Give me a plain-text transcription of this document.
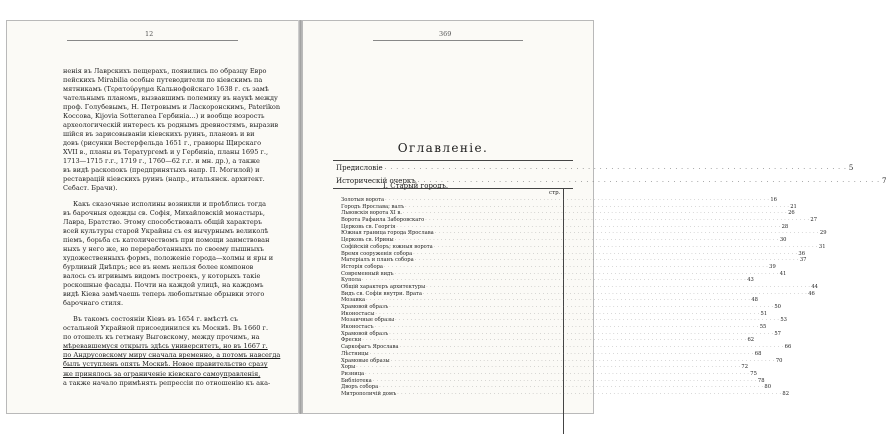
12
ненія въ Лаврскихъ пещерахъ, появились по образцу Евро
пейскихъ Mirabilia особые путеводители по кіевскимъ па
мятникамъ (Τερατούργημα Кальнофойскаго 1638 г. съ замѣ
чательнымъ планомъ, вызвавшимъ полемику въ наукѣ между
проф. Голубевымъ, Н. Петровымъ и Ласкоронскимъ, Paterikon
Коссова, Kijovia Sotteranea Гербиніа...) и вообще возрость
археологическій интересъ къ роднымъ древностямъ, выразив
шійся въ зарисовываніи кіевскихъ руинъ, плановъ и ви
довъ (рисунки Вестерфельда 1651 г., гравюры Щирскаго
XVII в., планы въ Тератургемѣ и у Гербиніа, планы 1695 г.,
1713—1715 г.г., 1719 г., 1760—62 г.г. и мн. др.), а также
въ видѣ раскопокъ (предпринятыхъ напр. П. Могилой) и
реставрацій кіевскихъ руинъ (напр., итальянск. архитект.
Себаст. Брачи).
Какъ сказочные исполины возникли и проѣблись тогда
въ барочныя одежды св. Софія, Михайловскій монастырь,
Лавра, Братство. Этому способствовалъ общій характеръ
всей культуры старой Украйны съ ея вычурнымъ великолѣ
піемъ, борьба съ католичествомъ при помощи заимствован
ныхъ у него же, но переработанныхъ по своему пышныхъ
художественныхъ формъ, положеніе города—холмы и яры и
бурливый Днѣпръ; все въ немъ нельзя более компонов
валось съ игривымъ видомъ построекъ, у которыхъ такіе
роскошные фасады. Почти на каждой улицѣ, на каждомъ
видѣ Кіева замѣчаешь теперь любопытные обрывки этого
барочнаго стиля.
Въ такомъ состояніи Кіевъ въ 1654 г. вмѣстѣ съ
остальной Украйной присоединился къ Москвѣ. Въ 1660 г.
по отошелъ къ гетману Выговскому, между прочимъ, на
мѣревавшемуся открыть здѣсь университетъ, но въ 1667 г.
по Андрусовскому миру сначала временно, а потомъ навсегда
былъ уступленъ опять Москвѣ. Новое правительство сразу
же принялось за ограниченіе кіевскаго самоуправленія,
а также начало примѣнять репрессіи по отношенію къ ака-
369
Оглавленіе.
Предисловіе . . . . . . . . . . . . . . . . . . . . . . . . . . . . . . . . . . . . . . . . . . . . . . . . . . . . . . . . . . . . . . . . . . . . . . . . . . . . . . . . 5
Историческій очеркъ . . . . . . . . . . . . . . . . . . . . . . . . . . . . . . . . . . . . . . . . . . . . . . . . . . . . . . . . . . . . . . . . . . . . . . . . . . . . . . . . 7
I. Старый городъ.
стр.
Золотыя ворота . . . . . . . . . . . . . . . . . . . . . . . . . . . . . . . . . . . . . . . . . . . . . . . . . . . . . . . . . . . . . . . . . . . . . . . . . . . . . . . . . . . . . . . . . . . . . . . . . . . . 16
Городъ Ярослава; валъ . . . . . . . . . . . . . . . . . . . . . . . . . . . . . . . . . . . . . . . . . . . . . . . . . . . . . . . . . . . . . . . . . . . . . . . . . . . . . . . . . . . . . . . . . . . . . . . . . . . . 21
Львовскія ворота XI в. . . . . . . . . . . . . . . . . . . . . . . . . . . . . . . . . . . . . . . . . . . . . . . . . . . . . . . . . . . . . . . . . . . . . . . . . . . . . . . . . . . . . . . . . . . . . . . . . . . . . 26
Ворота Рафаила Заборовскаго . . . . . . . . . . . . . . . . . . . . . . . . . . . . . . . . . . . . . . . . . . . . . . . . . . . . . . . . . . . . . . . . . . . . . . . . . . . . . . . . . . . . . . . . . . . . . . . . . . . . 27
Церковь св. Георгія . . . . . . . . . . . . . . . . . . . . . . . . . . . . . . . . . . . . . . . . . . . . . . . . . . . . . . . . . . . . . . . . . . . . . . . . . . . . . . . . . . . . . . . . . . . . . . . . . . . . 28
Южная граница города Ярослава . . . . . . . . . . . . . . . . . . . . . . . . . . . . . . . . . . . . . . . . . . . . . . . . . . . . . . . . . . . . . . . . . . . . . . . . . . . . . . . . . . . . . . . . . . . . . . . . . . . . 29
Церковь св. Ирины . . . . . . . . . . . . . . . . . . . . . . . . . . . . . . . . . . . . . . . . . . . . . . . . . . . . . . . . . . . . . . . . . . . . . . . . . . . . . . . . . . . . . . . . . . . . . . . . . . . . 30
Софійскій соборъ; южныя ворота . . . . . . . . . . . . . . . . . . . . . . . . . . . . . . . . . . . . . . . . . . . . . . . . . . . . . . . . . . . . . . . . . . . . . . . . . . . . . . . . . . . . . . . . . . . . . . . . . . . . 31
Время сооруженія собора . . . . . . . . . . . . . . . . . . . . . . . . . . . . . . . . . . . . . . . . . . . . . . . . . . . . . . . . . . . . . . . . . . . . . . . . . . . . . . . . . . . . . . . . . . . . . . . . . . . . 36
Матеріалъ и планъ собора . . . . . . . . . . . . . . . . . . . . . . . . . . . . . . . . . . . . . . . . . . . . . . . . . . . . . . . . . . . . . . . . . . . . . . . . . . . . . . . . . . . . . . . . . . . . . . . . . . . . 37
Исторія собора . . . . . . . . . . . . . . . . . . . . . . . . . . . . . . . . . . . . . . . . . . . . . . . . . . . . . . . . . . . . . . . . . . . . . . . . . . . . . . . . . . . . . . . . . . . . . . . . . . . . 39
Современный видъ . . . . . . . . . . . . . . . . . . . . . . . . . . . . . . . . . . . . . . . . . . . . . . . . . . . . . . . . . . . . . . . . . . . . . . . . . . . . . . . . . . . . . . . . . . . . . . . . . . . . 41
Купола . . . . . . . . . . . . . . . . . . . . . . . . . . . . . . . . . . . . . . . . . . . . . . . . . . . . . . . . . . . . . . . . . . . . . . . . . . . . . . . . . . . . . . . . . . . . . . . . . . . . 43
Общій характеръ архитектуры . . . . . . . . . . . . . . . . . . . . . . . . . . . . . . . . . . . . . . . . . . . . . . . . . . . . . . . . . . . . . . . . . . . . . . . . . . . . . . . . . . . . . . . . . . . . . . . . . . . . 44
Видъ св. Софіи внутри. Врата . . . . . . . . . . . . . . . . . . . . . . . . . . . . . . . . . . . . . . . . . . . . . . . . . . . . . . . . . . . . . . . . . . . . . . . . . . . . . . . . . . . . . . . . . . . . . . . . . . . . 46
Мозаика . . . . . . . . . . . . . . . . . . . . . . . . . . . . . . . . . . . . . . . . . . . . . . . . . . . . . . . . . . . . . . . . . . . . . . . . . . . . . . . . . . . . . . . . . . . . . . . . . . . . 48
Храмовой образъ . . . . . . . . . . . . . . . . . . . . . . . . . . . . . . . . . . . . . . . . . . . . . . . . . . . . . . . . . . . . . . . . . . . . . . . . . . . . . . . . . . . . . . . . . . . . . . . . . . . . 50
Иконостасы . . . . . . . . . . . . . . . . . . . . . . . . . . . . . . . . . . . . . . . . . . . . . . . . . . . . . . . . . . . . . . . . . . . . . . . . . . . . . . . . . . . . . . . . . . . . . . . . . . . . 51
Мозаичные образы . . . . . . . . . . . . . . . . . . . . . . . . . . . . . . . . . . . . . . . . . . . . . . . . . . . . . . . . . . . . . . . . . . . . . . . . . . . . . . . . . . . . . . . . . . . . . . . . . . . . 53
Иконостасъ . . . . . . . . . . . . . . . . . . . . . . . . . . . . . . . . . . . . . . . . . . . . . . . . . . . . . . . . . . . . . . . . . . . . . . . . . . . . . . . . . . . . . . . . . . . . . . . . . . . . 55
Храмовой образъ . . . . . . . . . . . . . . . . . . . . . . . . . . . . . . . . . . . . . . . . . . . . . . . . . . . . . . . . . . . . . . . . . . . . . . . . . . . . . . . . . . . . . . . . . . . . . . . . . . . . 57
Фрески . . . . . . . . . . . . . . . . . . . . . . . . . . . . . . . . . . . . . . . . . . . . . . . . . . . . . . . . . . . . . . . . . . . . . . . . . . . . . . . . . . . . . . . . . . . . . . . . . . . . 62
Саркофагъ Ярослава . . . . . . . . . . . . . . . . . . . . . . . . . . . . . . . . . . . . . . . . . . . . . . . . . . . . . . . . . . . . . . . . . . . . . . . . . . . . . . . . . . . . . . . . . . . . . . . . . . . . 66
Лѣстницы . . . . . . . . . . . . . . . . . . . . . . . . . . . . . . . . . . . . . . . . . . . . . . . . . . . . . . . . . . . . . . . . . . . . . . . . . . . . . . . . . . . . . . . . . . . . . . . . . . . . 68
Храмовые образы . . . . . . . . . . . . . . . . . . . . . . . . . . . . . . . . . . . . . . . . . . . . . . . . . . . . . . . . . . . . . . . . . . . . . . . . . . . . . . . . . . . . . . . . . . . . . . . . . . . . 70
Хоры . . . . . . . . . . . . . . . . . . . . . . . . . . . . . . . . . . . . . . . . . . . . . . . . . . . . . . . . . . . . . . . . . . . . . . . . . . . . . . . . . . . . . . . . . . . . . . . . . . . . 72
Ризница . . . . . . . . . . . . . . . . . . . . . . . . . . . . . . . . . . . . . . . . . . . . . . . . . . . . . . . . . . . . . . . . . . . . . . . . . . . . . . . . . . . . . . . . . . . . . . . . . . . . 75
Библіотека . . . . . . . . . . . . . . . . . . . . . . . . . . . . . . . . . . . . . . . . . . . . . . . . . . . . . . . . . . . . . . . . . . . . . . . . . . . . . . . . . . . . . . . . . . . . . . . . . . . . 78
Дворъ собора . . . . . . . . . . . . . . . . . . . . . . . . . . . . . . . . . . . . . . . . . . . . . . . . . . . . . . . . . . . . . . . . . . . . . . . . . . . . . . . . . . . . . . . . . . . . . . . . . . . . 80
Митрополичій домъ . . . . . . . . . . . . . . . . . . . . . . . . . . . . . . . . . . . . . . . . . . . . . . . . . . . . . . . . . . . . . . . . . . . . . . . . . . . . . . . . . . . . . . . . . . . . . . . . . . . . 82
